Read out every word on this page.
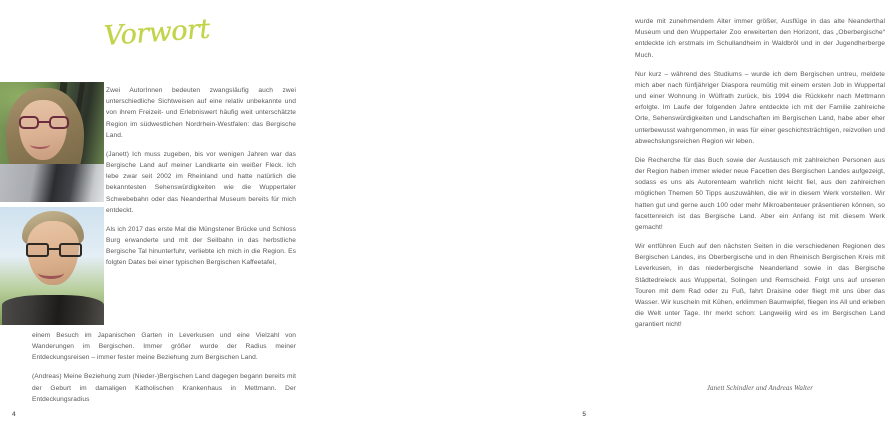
Vorwort

Zwei AutorInnen bedeuten zwangsläufig auch zwei unterschiedliche Sichtweisen auf eine relativ unbekannte und von ihrem Freizeit- und Erlebniswert häufig weit unterschätzte Region im südwestlichen Nordrhein-Westfalen: das Bergische Land.

(Janett) Ich muss zugeben, bis vor wenigen Jahren war das Bergische Land auf meiner Landkarte ein weißer Fleck. Ich lebe zwar seit 2002 im Rheinland und hatte natürlich die bekanntesten Sehenswürdigkeiten wie die Wuppertaler Schwebebahn oder das Neanderthal Museum bereits für mich entdeckt.

Als ich 2017 das erste Mal die Müngstener Brücke und Schloss Burg erwanderte und mit der Seilbahn in das herbstliche Bergische Tal hinunterfuhr, verliebte ich mich in die Region. Es folgten Dates bei einer typischen Bergischen Kaffeetafel,

einem Besuch im Japanischen Garten in Leverkusen und eine Vielzahl von Wanderungen im Bergischen. Immer größer wurde der Radius meiner Entdeckungsreisen – immer fester meine Beziehung zum Bergischen Land.

(Andreas) Meine Beziehung zum (Nieder-)Bergischen Land dagegen begann bereits mit der Geburt im damaligen Katholischen Krankenhaus in Mettmann. Der Entdeckungsradius

4

wurde mit zunehmendem Alter immer größer, Ausflüge in das alte Neanderthal Museum und den Wuppertaler Zoo erweiterten den Horizont, das „Oberbergische“ entdeckte ich erstmals im Schullandheim in Waldbröl und in der Jugendherberge Much.

Nur kurz – während des Studiums – wurde ich dem Bergischen untreu, meldete mich aber nach fünfjähriger Diaspora reumütig mit einem ersten Job in Wuppertal und einer Wohnung in Wülfrath zurück, bis 1994 die Rückkehr nach Mettmann erfolgte. Im Laufe der folgenden Jahre entdeckte ich mit der Familie zahlreiche Orte, Sehenswürdigkeiten und Landschaften im Bergischen Land, habe aber eher unterbewusst wahrgenommen, in was für einer geschichtsträchtigen, reizvollen und abwechslungsreichen Region wir leben.

Die Recherche für das Buch sowie der Austausch mit zahlreichen Personen aus der Region haben immer wieder neue Facetten des Bergischen Landes aufgezeigt, sodass es uns als Autorenteam wahrlich nicht leicht fiel, aus den zahlreichen möglichen Themen 50 Tipps auszuwählen, die wir in diesem Werk vorstellen. Wir hatten gut und gerne auch 100 oder mehr Mikroabenteuer präsentieren können, so facettenreich ist das Bergische Land. Aber ein Anfang ist mit diesem Werk gemacht!

Wir entführen Euch auf den nächsten Seiten in die verschiedenen Regionen des Bergischen Landes, ins Oberbergische und in den Rheinisch Bergischen Kreis mit Leverkusen, in das niederbergische Neanderland sowie in das Bergische Städtedreieck aus Wuppertal, Solingen und Remscheid. Folgt uns auf unseren Touren mit dem Rad oder zu Fuß, fahrt Draisine oder fliegt mit uns über das Wasser. Wir kuscheln mit Kühen, erklimmen Baumwipfel, fliegen ins All und erleben die Welt unter Tage. Ihr merkt schon: Langweilig wird es im Bergischen Land garantiert nicht!

Janett Schindler und Andreas Walter
5
